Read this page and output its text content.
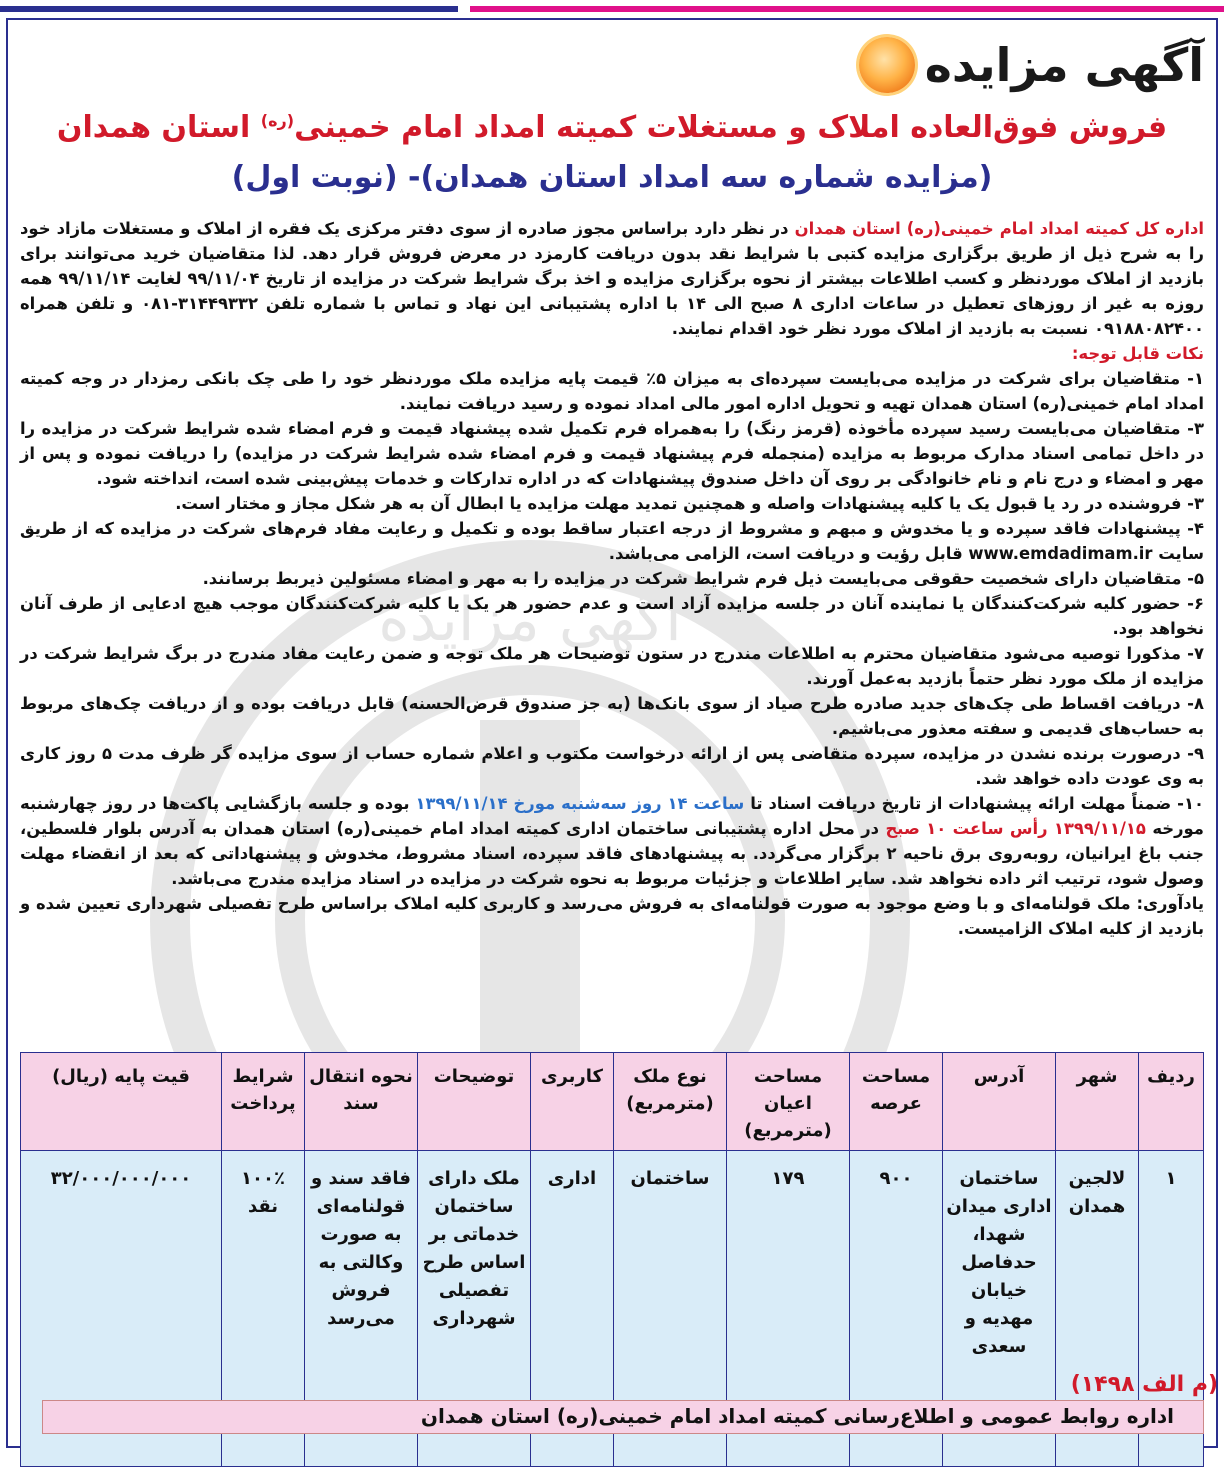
آگهی مزایده
آگهی مزایده
فروش فوق‌العاده املاک و مستغلات کمیته امداد امام خمینی$^{(ره)}$ استان همدان
(مزایده شماره سه امداد استان همدان)- (نوبت اول)

اداره کل کمیته امداد امام خمینی(ره) استان همدان در نظر دارد براساس مجوز صادره از سوی دفتر مرکزی یک فقره از املاک و مستغلات مازاد خود را به شرح ذیل از طریق برگزاری مزایده کتبی با شرایط نقد بدون دریافت کارمزد در معرض فروش قرار دهد. لذا متقاضیان خرید می‌توانند برای بازدید از املاک موردنظر و کسب اطلاعات بیشتر از نحوه برگزاری مزایده و اخذ برگ شرایط شرکت در مزایده از تاریخ ۹۹/۱۱/۰۴ لغایت ۹۹/۱۱/۱۴ همه روزه به غیر از روزهای تعطیل در ساعات اداری ۸ صبح الی ۱۴ با اداره پشتیبانی این نهاد و تماس با شماره تلفن ۳۱۴۴۹۳۳۲-۰۸۱ و تلفن همراه ۰۹۱۸۸۰۸۲۴۰۰ نسبت به بازدید از املاک مورد نظر خود اقدام نمایند.

نکات قابل توجه:

۱- متقاضیان برای شرکت در مزایده می‌بایست سپرده‌ای به میزان ۵٪ قیمت پایه مزایده ملک موردنظر خود را طی چک بانکی رمزدار در وجه کمیته امداد امام خمینی(ره) استان همدان تهیه و تحویل اداره امور مالی امداد نموده و رسید دریافت نمایند.

۳- متقاضیان می‌بایست رسید سپرده مأخوذه (قرمز رنگ) را به‌همراه فرم تکمیل شده پیشنهاد قیمت و فرم امضاء شده شرایط شرکت در مزایده را در داخل تمامی اسناد مدارک مربوط به مزایده (منجمله فرم پیشنهاد قیمت و فرم امضاء شده شرایط شرکت در مزایده) را دریافت نموده و پس از مهر و امضاء و درج نام و نام خانوادگی بر روی آن داخل صندوق پیشنهادات که در اداره تدارکات و خدمات پیش‌بینی شده است، انداخته شود.

۳- فروشنده در رد یا قبول یک یا کلیه پیشنهادات واصله و همچنین تمدید مهلت مزایده یا ابطال آن به هر شکل مجاز و مختار است.

۴- پیشنهادات فاقد سپرده و یا مخدوش و مبهم و مشروط از درجه اعتبار ساقط بوده و تکمیل و رعایت مفاد فرم‌های شرکت در مزایده که از طریق سایت www.emdadimam.ir قابل رؤیت و دریافت است، الزامی می‌باشد.

۵- متقاضیان دارای شخصیت حقوقی می‌بایست ذیل فرم شرایط شرکت در مزایده را به مهر و امضاء مسئولین ذیربط برسانند.

۶- حضور کلیه شرکت‌کنندگان یا نماینده آنان در جلسه مزایده آزاد است و عدم حضور هر یک یا کلیه شرکت‌کنندگان موجب هیچ ادعایی از طرف آنان نخواهد بود.

۷- مذکورا توصیه می‌شود متقاضیان محترم به اطلاعات مندرج در ستون توضیحات هر ملک توجه و ضمن رعایت مفاد مندرج در برگ شرایط شرکت در مزایده از ملک مورد نظر حتماً بازدید به‌عمل آورند.

۸- دریافت اقساط طی چک‌های جدید صادره طرح صیاد از سوی بانک‌ها (به جز صندوق قرض‌الحسنه) قابل دریافت بوده و از دریافت چک‌های مربوط به حساب‌های قدیمی و سفته معذور می‌باشیم.

۹- درصورت برنده نشدن در مزایده، سپرده متقاضی پس از ارائه درخواست مکتوب و اعلام شماره حساب از سوی مزایده گر ظرف مدت ۵ روز کاری به وی عودت داده خواهد شد.

۱۰- ضمناً مهلت ارائه پیشنهادات از تاریخ دریافت اسناد تا ساعت ۱۴ روز سه‌شنبه مورخ ۱۳۹۹/۱۱/۱۴ بوده و جلسه بازگشایی پاکت‌ها در روز چهارشنبه مورخه ۱۳۹۹/۱۱/۱۵ رأس ساعت ۱۰ صبح در محل اداره پشتیبانی ساختمان اداری کمیته امداد امام خمینی(ره) استان همدان به آدرس بلوار فلسطین، جنب باغ ایرانیان، روبه‌روی برق ناحیه ۲ برگزار می‌گردد. به پیشنهادهای فاقد سپرده، اسناد مشروط، مخدوش و پیشنهاداتی که بعد از انقضاء مهلت وصول شود، ترتیب اثر داده نخواهد شد. سایر اطلاعات و جزئیات مربوط به نحوه شرکت در مزایده در اسناد مزایده مندرج می‌باشد.

یادآوری: ملک قولنامه‌ای و با وضع موجود به صورت قولنامه‌ای به فروش می‌رسد و کاربری کلیه املاک براساس طرح تفصیلی شهرداری تعیین شده و بازدید از کلیه املاک الزامیست.

ردیف	شهر	آدرس	مساحت عرصه	مساحت اعیان (مترمربع)	نوع ملک (مترمربع)	کاربری	توضیحات	نحوه انتقال سند	شرایط پرداخت	قیت پایه (ریال)
۱	لالجین همدان	ساختمان اداری میدان شهدا، حدفاصل خیابان مهدیه و سعدی	۹۰۰	۱۷۹	ساختمان	اداری	ملک دارای ساختمان خدماتی بر اساس طرح تفصیلی شهرداری	فاقد سند و قولنامه‌ای به صورت وکالتی به فروش می‌رسد	۱۰۰٪ نقد	۳۲/۰۰۰/۰۰۰/۰۰۰
(م الف ۱۴۹۸)
اداره روابط عمومی و اطلاع‌رسانی کمیته امداد امام خمینی(ره) استان همدان
